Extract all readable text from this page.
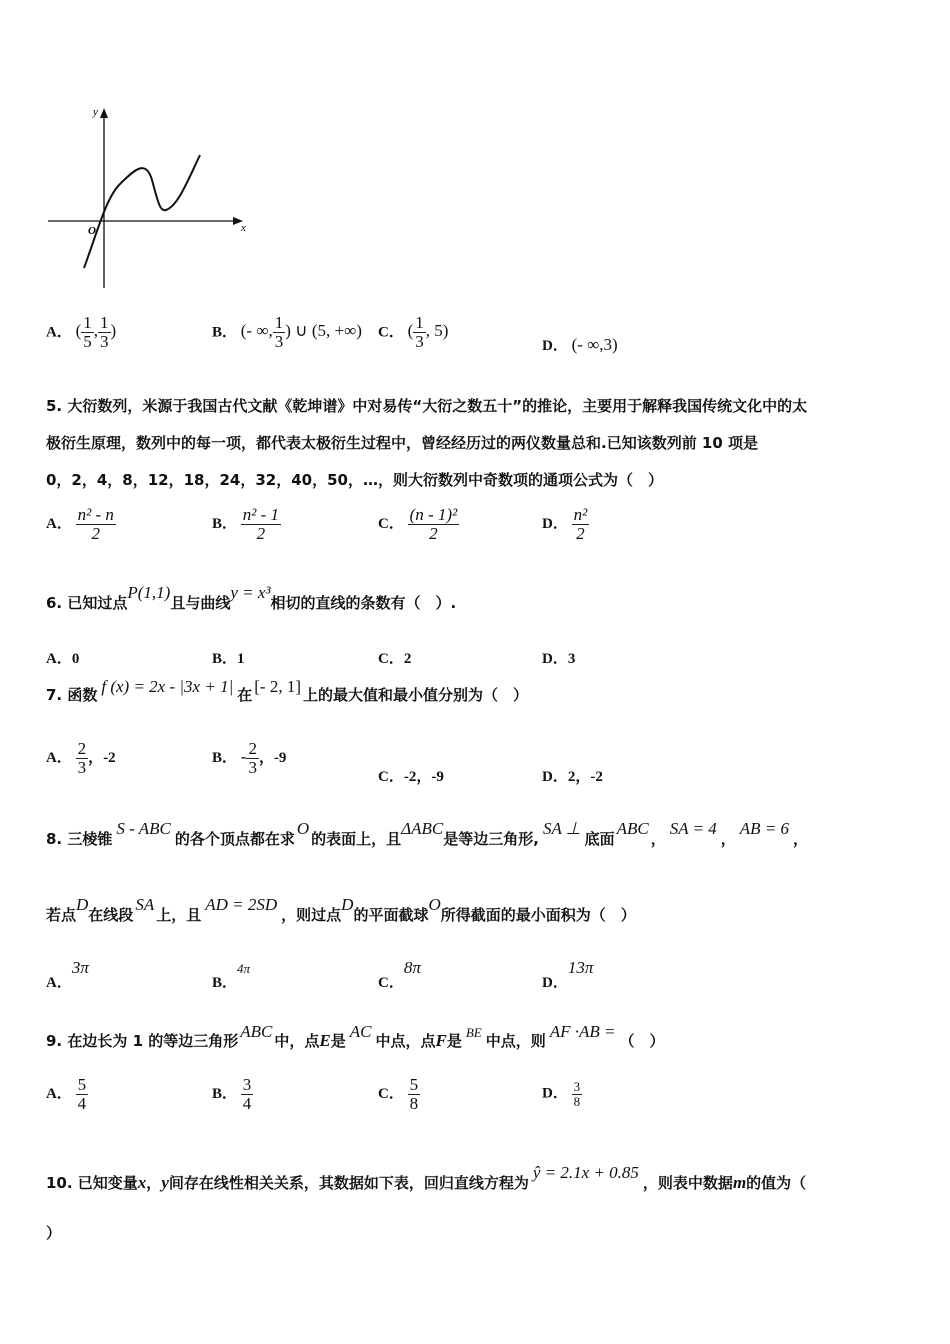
x
y
O
A． ( $\frac{1}{5}$ , $\frac{1}{3}$ )	B． (- ∞, $\frac{1}{3}$ ) ∪ (5, +∞) C． ( $\frac{1}{3}$ , 5)
D． (- ∞,3)
5. 大衍数列，米源于我国古代文献《乾坤谱》中对易传“大衍之数五十”的推论，主要用于解释我国传统文化中的太
极衍生原理，数列中的每一项，都代表太极衍生过程中，曾经经历过的两仪数量总和.已知该数列前 10 项是
0，2，4，8，12，18，24，32，40，50，…，则大衍数列中奇数项的通项公式为（　）
A． $\frac{\text{n² - n}}{2}$	B． $\frac{\text{n² - 1}}{2}$	C． $\frac{\text{(n - 1)²}}{2}$	D． $\frac{\text{n²}}{2}$
6. 已知过点P(1,1)且与曲线y = x³相切的直线的条数有（　）.
A．0	B．1	C．2	D．3
7. 函数 f (x) = 2x - |3x + 1| 在 [- 2, 1] 上的最大值和最小值分别为（　）
A． $\frac{2}{3}$ ，-2	B． - $\frac{2}{3}$ ，-9
C．-2，-9	D．2，-2
8. 三棱锥S - ABC的各个顶点都在求O的表面上，且ΔABC是等边三角形,SA ⊥底面ABC，SA = 4，AB = 6，
若点D在线段SA上，且AD = 2SD，则过点D的平面截球O所得截面的最小面积为（　）
A．3π
B．4π
C．8π
D．13π
9. 在边长为 1 的等边三角形 ABC 中，点E是 AC 中点，点F是 BE 中点，则 AF ·AB = （　）
A． $\frac{5}{4}$	B． $\frac{3}{4}$	C． $\frac{5}{8}$	D． $\frac{3}{8}$
10. 已知变量x，y间存在线性相关关系，其数据如下表，回归直线方程为ŷ = 2.1x + 0.85，则表中数据m的值为（
）
